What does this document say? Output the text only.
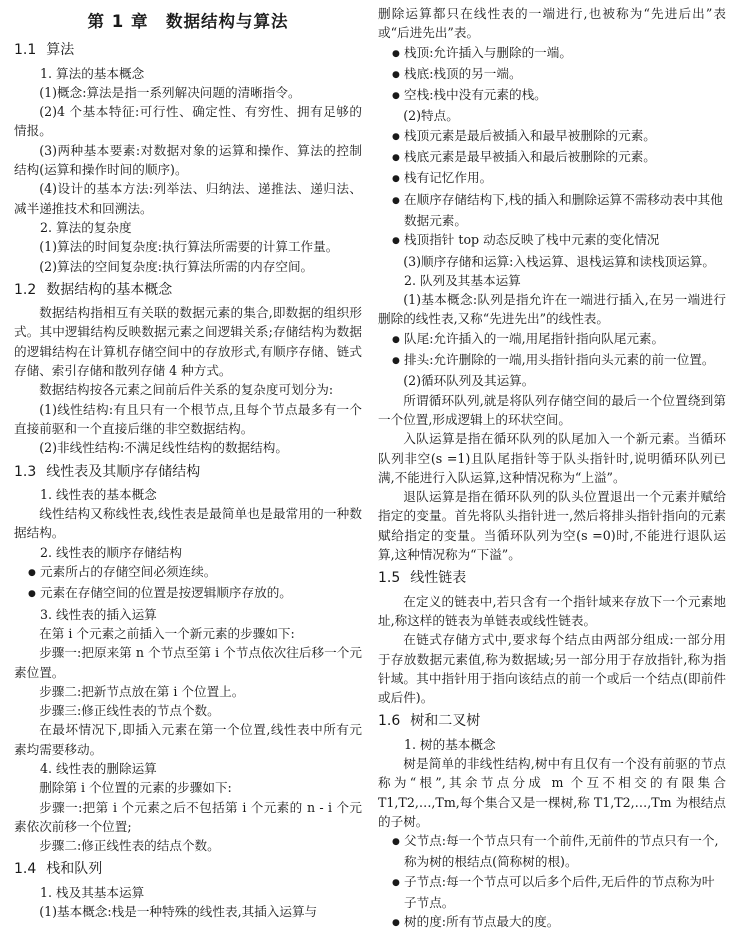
第 1 章　数据结构与算法
1.1 算法
1. 算法的基本概念
(1)概念:算法是指一系列解决问题的清晰指令。
(2)4 个基本特征:可行性、确定性、有穷性、拥有足够的情报。
(3)两种基本要素:对数据对象的运算和操作、算法的控制结构(运算和操作时间的顺序)。
(4)设计的基本方法:列举法、归纳法、递推法、递归法、减半递推技术和回溯法。
2. 算法的复杂度
(1)算法的时间复杂度:执行算法所需要的计算工作量。
(2)算法的空间复杂度:执行算法所需的内存空间。
1.2 数据结构的基本概念
数据结构指相互有关联的数据元素的集合,即数据的组织形式。其中逻辑结构反映数据元素之间逻辑关系;存储结构为数据的逻辑结构在计算机存储空间中的存放形式,有顺序存储、链式存储、索引存储和散列存储 4 种方式。
数据结构按各元素之间前后件关系的复杂度可划分为:
(1)线性结构:有且只有一个根节点,且每个节点最多有一个直接前驱和一个直接后继的非空数据结构。
(2)非线性结构:不满足线性结构的数据结构。
1.3 线性表及其顺序存储结构
1. 线性表的基本概念
线性结构又称线性表,线性表是最简单也是最常用的一种数据结构。
2. 线性表的顺序存储结构
● 元素所占的存储空间必须连续。
● 元素在存储空间的位置是按逻辑顺序存放的。
3. 线性表的插入运算
在第 i 个元素之前插入一个新元素的步骤如下:
步骤一:把原来第 n 个节点至第 i 个节点依次往后移一个元素位置。
步骤二:把新节点放在第 i 个位置上。
步骤三:修正线性表的节点个数。
在最坏情况下,即插入元素在第一个位置,线性表中所有元素均需要移动。
4. 线性表的删除运算
删除第 i 个位置的元素的步骤如下:
步骤一:把第 i 个元素之后不包括第 i 个元素的 n - i 个元素依次前移一个位置;
步骤二:修正线性表的结点个数。
1.4 栈和队列
1. 栈及其基本运算
(1)基本概念:栈是一种特殊的线性表,其插入运算与
删除运算都只在线性表的一端进行,也被称为“先进后出”表或“后进先出”表。
● 栈顶:允许插入与删除的一端。
● 栈底:栈顶的另一端。
● 空栈:栈中没有元素的栈。
(2)特点。
● 栈顶元素是最后被插入和最早被删除的元素。
● 栈底元素是最早被插入和最后被删除的元素。
● 栈有记忆作用。
● 在顺序存储结构下,栈的插入和删除运算不需移动表中其他数据元素。
● 栈顶指针 top 动态反映了栈中元素的变化情况
(3)顺序存储和运算:入栈运算、退栈运算和读栈顶运算。
2. 队列及其基本运算
(1)基本概念:队列是指允许在一端进行插入,在另一端进行删除的线性表,又称“先进先出”的线性表。
● 队尾:允许插入的一端,用尾指针指向队尾元素。
● 排头:允许删除的一端,用头指针指向头元素的前一位置。
(2)循环队列及其运算。
所谓循环队列,就是将队列存储空间的最后一个位置绕到第一个位置,形成逻辑上的环状空间。
入队运算是指在循环队列的队尾加入一个新元素。当循环队列非空(s =1)且队尾指针等于队头指针时,说明循环队列已满,不能进行入队运算,这种情况称为“上溢”。
退队运算是指在循环队列的队头位置退出一个元素并赋给指定的变量。首先将队头指针进一,然后将排头指针指向的元素赋给指定的变量。当循环队列为空(s =0)时,不能进行退队运算,这种情况称为“下溢”。
1.5 线性链表
在定义的链表中,若只含有一个指针域来存放下一个元素地址,称这样的链表为单链表或线性链表。
在链式存储方式中,要求每个结点由两部分组成:一部分用于存放数据元素值,称为数据域;另一部分用于存放指针,称为指针域。其中指针用于指向该结点的前一个或后一个结点(即前件或后件)。
1.6 树和二叉树
1. 树的基本概念
树是简单的非线性结构,树中有且仅有一个没有前驱的节点称为“根”,其余节点分成 m 个互不相交的有限集合 T1,T2,…,Tm,每个集合又是一棵树,称 T1,T2,…,Tm 为根结点的子树。
● 父节点:每一个节点只有一个前件,无前件的节点只有一个,称为树的根结点(简称树的根)。
● 子节点:每一个节点可以后多个后件,无后件的节点称为叶子节点。
● 树的度:所有节点最大的度。
